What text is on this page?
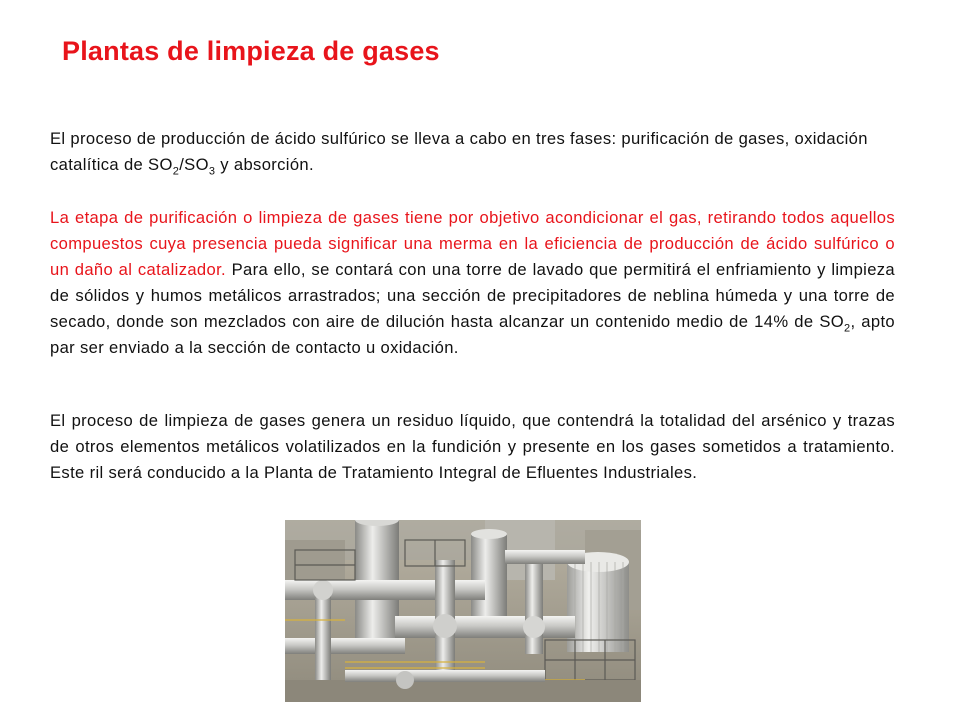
Plantas de limpieza de gases

El proceso de producción de ácido sulfúrico se lleva a cabo en tres fases: purificación de gases, oxidación catalítica de $SO_2/SO_3$ y absorción.

La etapa de purificación o limpieza de gases tiene por objetivo acondicionar el gas, retirando todos aquellos compuestos cuya presencia pueda significar una merma en la eficiencia de producción de ácido sulfúrico o un daño al catalizador. Para ello, se contará con una torre de lavado que permitirá el enfriamiento y limpieza de sólidos y humos metálicos arrastrados; una sección de precipitadores de neblina húmeda y una torre de secado, donde son mezclados con aire de dilución hasta alcanzar un contenido medio de 14% de $SO_2$, apto par ser enviado a la sección de contacto u oxidación.

El proceso de limpieza de gases genera un residuo líquido, que contendrá la totalidad del arsénico y trazas de otros elementos metálicos volatilizados en la fundición y presente en los gases sometidos a tratamiento. Este ril será conducido a la Planta de Tratamiento Integral de Efluentes Industriales.
